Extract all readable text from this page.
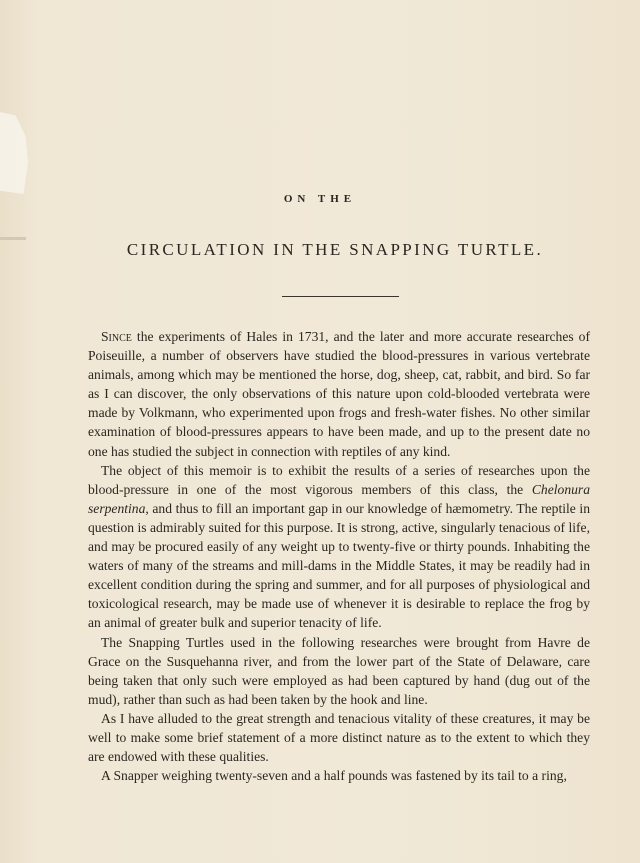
ON THE
CIRCULATION IN THE SNAPPING TURTLE.

Since the experiments of Hales in 1731, and the later and more accurate researches of Poiseuille, a number of observers have studied the blood-pressures in various vertebrate animals, among which may be mentioned the horse, dog, sheep, cat, rabbit, and bird. So far as I can discover, the only observations of this nature upon cold-blooded vertebrata were made by Volkmann, who experimented upon frogs and fresh-water fishes. No other similar examination of blood-pressures appears to have been made, and up to the present date no one has studied the subject in connection with reptiles of any kind.

The object of this memoir is to exhibit the results of a series of researches upon the blood-pressure in one of the most vigorous members of this class, the Chelonura serpentina, and thus to fill an important gap in our knowledge of hæmometry. The reptile in question is admirably suited for this purpose. It is strong, active, singularly tenacious of life, and may be procured easily of any weight up to twenty-five or thirty pounds. Inhabiting the waters of many of the streams and mill-dams in the Middle States, it may be readily had in excellent condition during the spring and summer, and for all purposes of physiological and toxicological research, may be made use of whenever it is desirable to replace the frog by an animal of greater bulk and superior tenacity of life.

The Snapping Turtles used in the following researches were brought from Havre de Grace on the Susquehanna river, and from the lower part of the State of Delaware, care being taken that only such were employed as had been captured by hand (dug out of the mud), rather than such as had been taken by the hook and line.

As I have alluded to the great strength and tenacious vitality of these creatures, it may be well to make some brief statement of a more distinct nature as to the extent to which they are endowed with these qualities.

A Snapper weighing twenty-seven and a half pounds was fastened by its tail to a ring,
